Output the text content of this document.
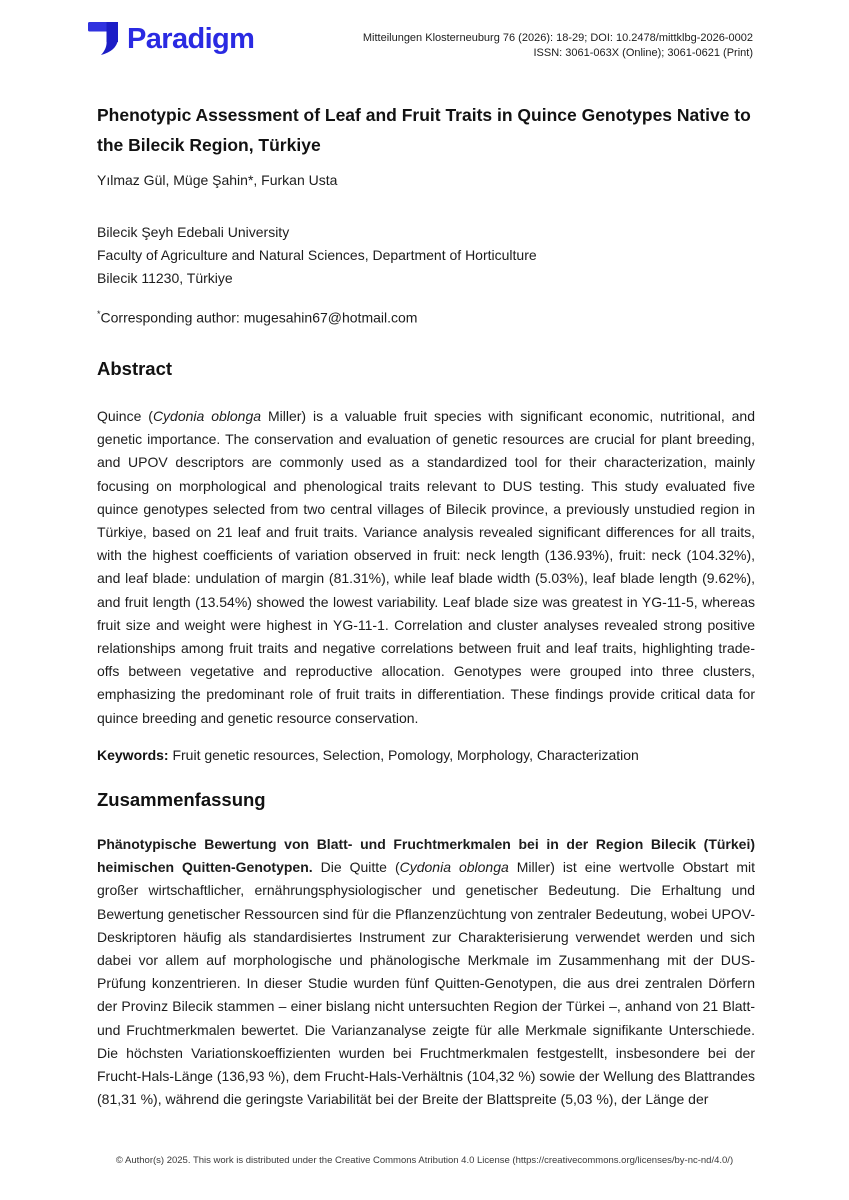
Paradigm	Mitteilungen Klosterneuburg 76 (2026): 18-29; DOI: 10.2478/mittklbg-2026-0002
ISSN: 3061-063X (Online); 3061-0621 (Print)
Phenotypic Assessment of Leaf and Fruit Traits in Quince Genotypes Native to the Bilecik Region, Türkiye

Yılmaz Gül, Müge Şahin*, Furkan Usta

Bilecik Şeyh Edebali University
Faculty of Agriculture and Natural Sciences, Department of Horticulture
Bilecik 11230, Türkiye

*Corresponding author: mugesahin67@hotmail.com

Abstract

Quince (Cydonia oblonga Miller) is a valuable fruit species with significant economic, nutritional, and genetic importance. The conservation and evaluation of genetic resources are crucial for plant breeding, and UPOV descriptors are commonly used as a standardized tool for their characterization, mainly focusing on morphological and phenological traits relevant to DUS testing. This study evaluated five quince genotypes selected from two central villages of Bilecik province, a previously unstudied region in Türkiye, based on 21 leaf and fruit traits. Variance analysis revealed significant differences for all traits, with the highest coefficients of variation observed in fruit: neck length (136.93%), fruit: neck (104.32%), and leaf blade: undulation of margin (81.31%), while leaf blade width (5.03%), leaf blade length (9.62%), and fruit length (13.54%) showed the lowest variability. Leaf blade size was greatest in YG-11-5, whereas fruit size and weight were highest in YG-11-1. Correlation and cluster analyses revealed strong positive relationships among fruit traits and negative correlations between fruit and leaf traits, highlighting trade-offs between vegetative and reproductive allocation. Genotypes were grouped into three clusters, emphasizing the predominant role of fruit traits in differentiation. These findings provide critical data for quince breeding and genetic resource conservation.

Keywords: Fruit genetic resources, Selection, Pomology, Morphology, Characterization

Zusammenfassung

Phänotypische Bewertung von Blatt- und Fruchtmerkmalen bei in der Region Bilecik (Türkei) heimischen Quitten-Genotypen. Die Quitte (Cydonia oblonga Miller) ist eine wertvolle Obstart mit großer wirtschaftlicher, ernährungsphysiologischer und genetischer Bedeutung. Die Erhaltung und Bewertung genetischer Ressourcen sind für die Pflanzenzüchtung von zentraler Bedeutung, wobei UPOV-Deskriptoren häufig als standardisiertes Instrument zur Charakterisierung verwendet werden und sich dabei vor allem auf morphologische und phänologische Merkmale im Zusammenhang mit der DUS-Prüfung konzentrieren. In dieser Studie wurden fünf Quitten-Genotypen, die aus drei zentralen Dörfern der Provinz Bilecik stammen – einer bislang nicht untersuchten Region der Türkei –, anhand von 21 Blatt- und Fruchtmerkmalen bewertet. Die Varianzanalyse zeigte für alle Merkmale signifikante Unterschiede. Die höchsten Variationskoeffizienten wurden bei Fruchtmerkmalen festgestellt, insbesondere bei der Frucht-Hals-Länge (136,93 %), dem Frucht-Hals-Verhältnis (104,32 %) sowie der Wellung des Blattrandes (81,31 %), während die geringste Variabilität bei der Breite der Blattspreite (5,03 %), der Länge der

© Author(s) 2025. This work is distributed under the Creative Commons Atribution 4.0 License (https://creativecommons.org/licenses/by-nc-nd/4.0/)
